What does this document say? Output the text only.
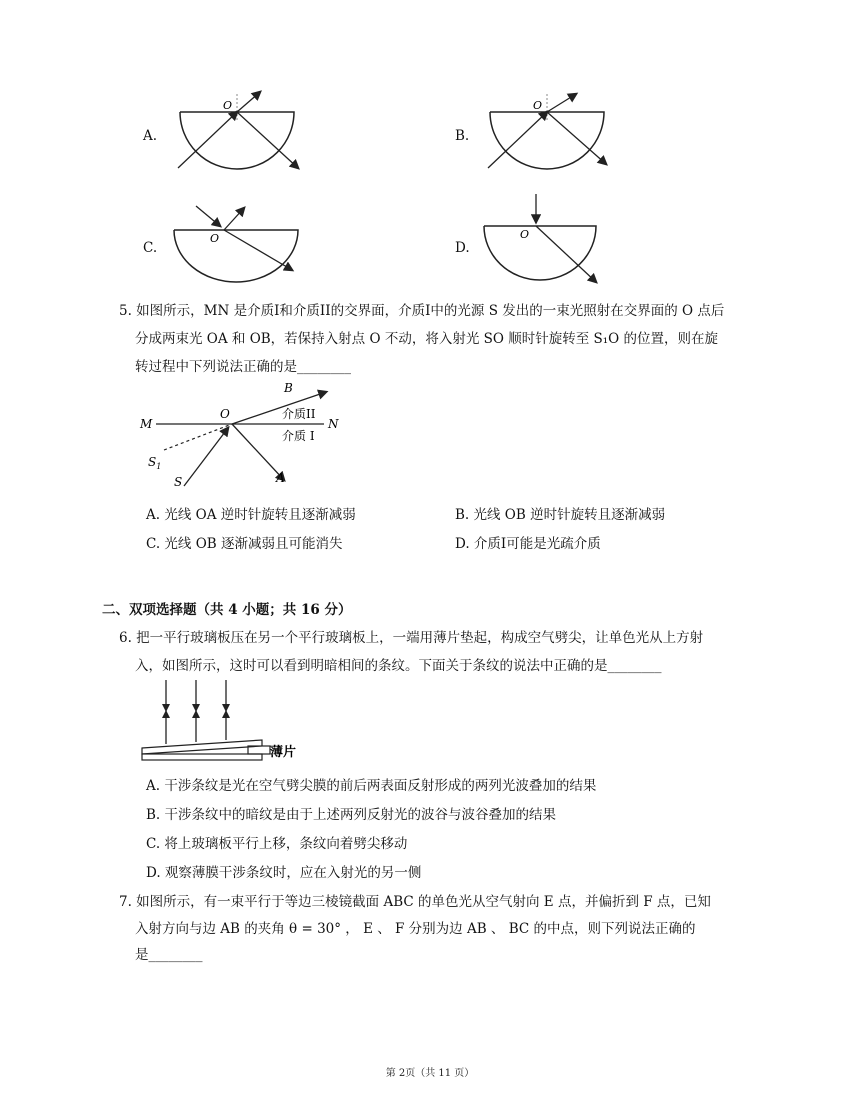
A.
O
B.
O
C.
O
D.
O
5. 如图所示，MN 是介质I和介质II的交界面，介质I中的光源 S 发出的一束光照射在交界面的 O 点后
分成两束光 OA 和 OB，若保持入射点 O 不动，将入射光 SO 顺时针旋转至 S₁O 的位置，则在旋
转过程中下列说法正确的是________
B
M
O
N
介质II
介质 I
$S_1$
S	A
A. 光线 OA 逆时针旋转且逐渐减弱	B. 光线 OB 逆时针旋转且逐渐减弱
C. 光线 OB 逐渐减弱且可能消失	D. 介质I可能是光疏介质
二、双项选择题（共 4 小题；共 16 分）
6. 把一平行玻璃板压在另一个平行玻璃板上，一端用薄片垫起，构成空气劈尖，让单色光从上方射
入，如图所示，这时可以看到明暗相间的条纹。下面关于条纹的说法中正确的是________
薄片
A. 干涉条纹是光在空气劈尖膜的前后两表面反射形成的两列光波叠加的结果
B. 干涉条纹中的暗纹是由于上述两列反射光的波谷与波谷叠加的结果
C. 将上玻璃板平行上移，条纹向着劈尖移动
D. 观察薄膜干涉条纹时，应在入射光的另一侧
7. 如图所示，有一束平行于等边三棱镜截面 ABC 的单色光从空气射向 E 点，并偏折到 F 点，已知
入射方向与边 AB 的夹角 θ = 30° ， E 、 F 分别为边 AB 、 BC 的中点，则下列说法正确的
是________
第 2页（共 11 页）
